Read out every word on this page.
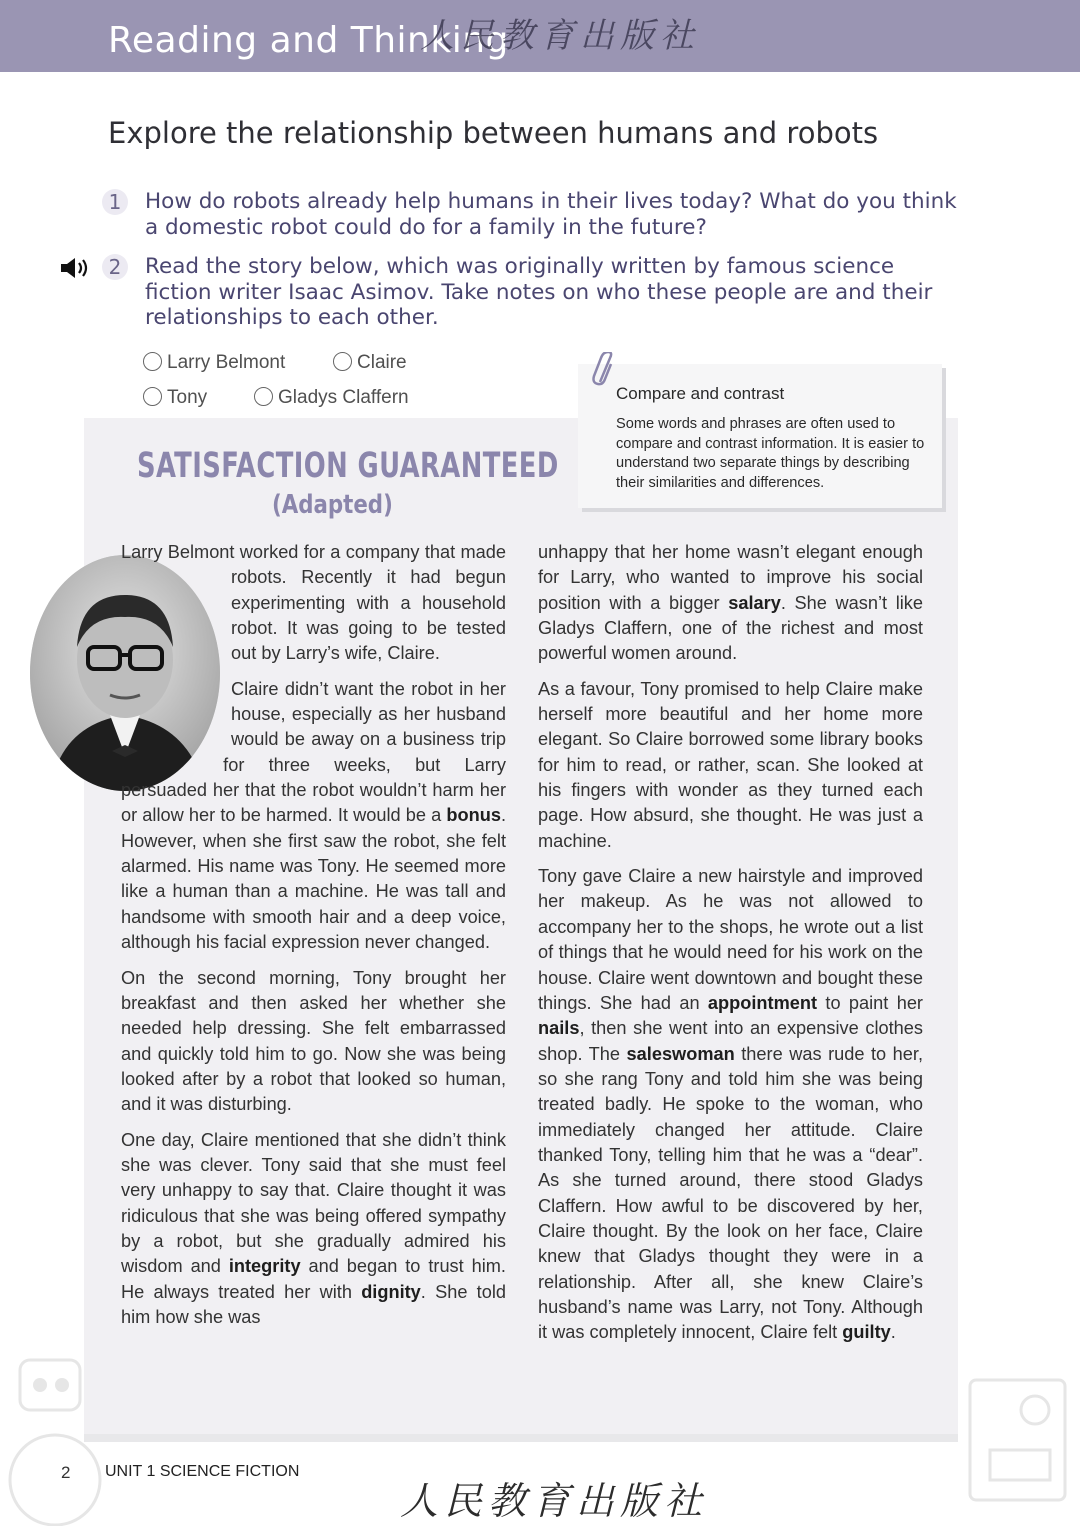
Reading and Thinking
人民教育出版社
Explore the relationship between humans and robots
1	How do robots already help humans in their lives today? What do you think a domestic robot could do for a family in the future?
2	Read the story below, which was originally written by famous science fiction writer Isaac Asimov. Take notes on who these people are and their relationships to each other.
Larry Belmont	Claire
Tony	Gladys Claffern	Compare and contrast
Some words and phrases are often used to compare and contrast information. It is easier to understand two separate things by describing their similarities and differences.
SATISFACTION GUARANTEED
(Adapted)

Larry Belmont worked for a company that made robots. Recently it had begun experimenting with a household robot. It was going to be tested out by Larry’s wife, Claire.

Claire didn’t want the robot in her house, especially as her husband would be away on a business trip for three weeks, but Larry persuaded her that the robot wouldn’t harm her or allow her to be harmed. It would be a bonus. However, when she first saw the robot, she felt alarmed. His name was Tony. He seemed more like a human than a machine. He was tall and handsome with smooth hair and a deep voice, although his facial expression never changed.

On the second morning, Tony brought her breakfast and then asked her whether she needed help dressing. She felt embarrassed and quickly told him to go. Now she was being looked after by a robot that looked so human, and it was disturbing.

One day, Claire mentioned that she didn’t think she was clever. Tony said that she must feel very unhappy to say that. Claire thought it was ridiculous that she was being offered sympathy by a robot, but she gradually admired his wisdom and integrity and began to trust him. He always treated her with dignity. She told him how she was

unhappy that her home wasn’t elegant enough for Larry, who wanted to improve his social position with a bigger salary. She wasn’t like Gladys Claffern, one of the richest and most powerful women around.

As a favour, Tony promised to help Claire make herself more beautiful and her home more elegant. So Claire borrowed some library books for him to read, or rather, scan. She looked at his fingers with wonder as they turned each page. How absurd, she thought. He was just a machine.

Tony gave Claire a new hairstyle and improved her makeup. As he was not allowed to accompany her to the shops, he wrote out a list of things that he would need for his work on the house. Claire went downtown and bought these things. She had an appointment to paint her nails, then she went into an expensive clothes shop. The saleswoman there was rude to her, so she rang Tony and told him she was being treated badly. He spoke to the woman, who immediately changed her attitude. Claire thanked Tony, telling him that he was a “dear”. As she turned around, there stood Gladys Claffern. How awful to be discovered by her, Claire thought. By the look on her face, Claire knew that Gladys thought they were in a relationship. After all, she knew Claire’s husband’s name was Larry, not Tony. Although it was completely innocent, Claire felt guilty.

2 UNIT 1 SCIENCE FICTION
人民教育出版社
